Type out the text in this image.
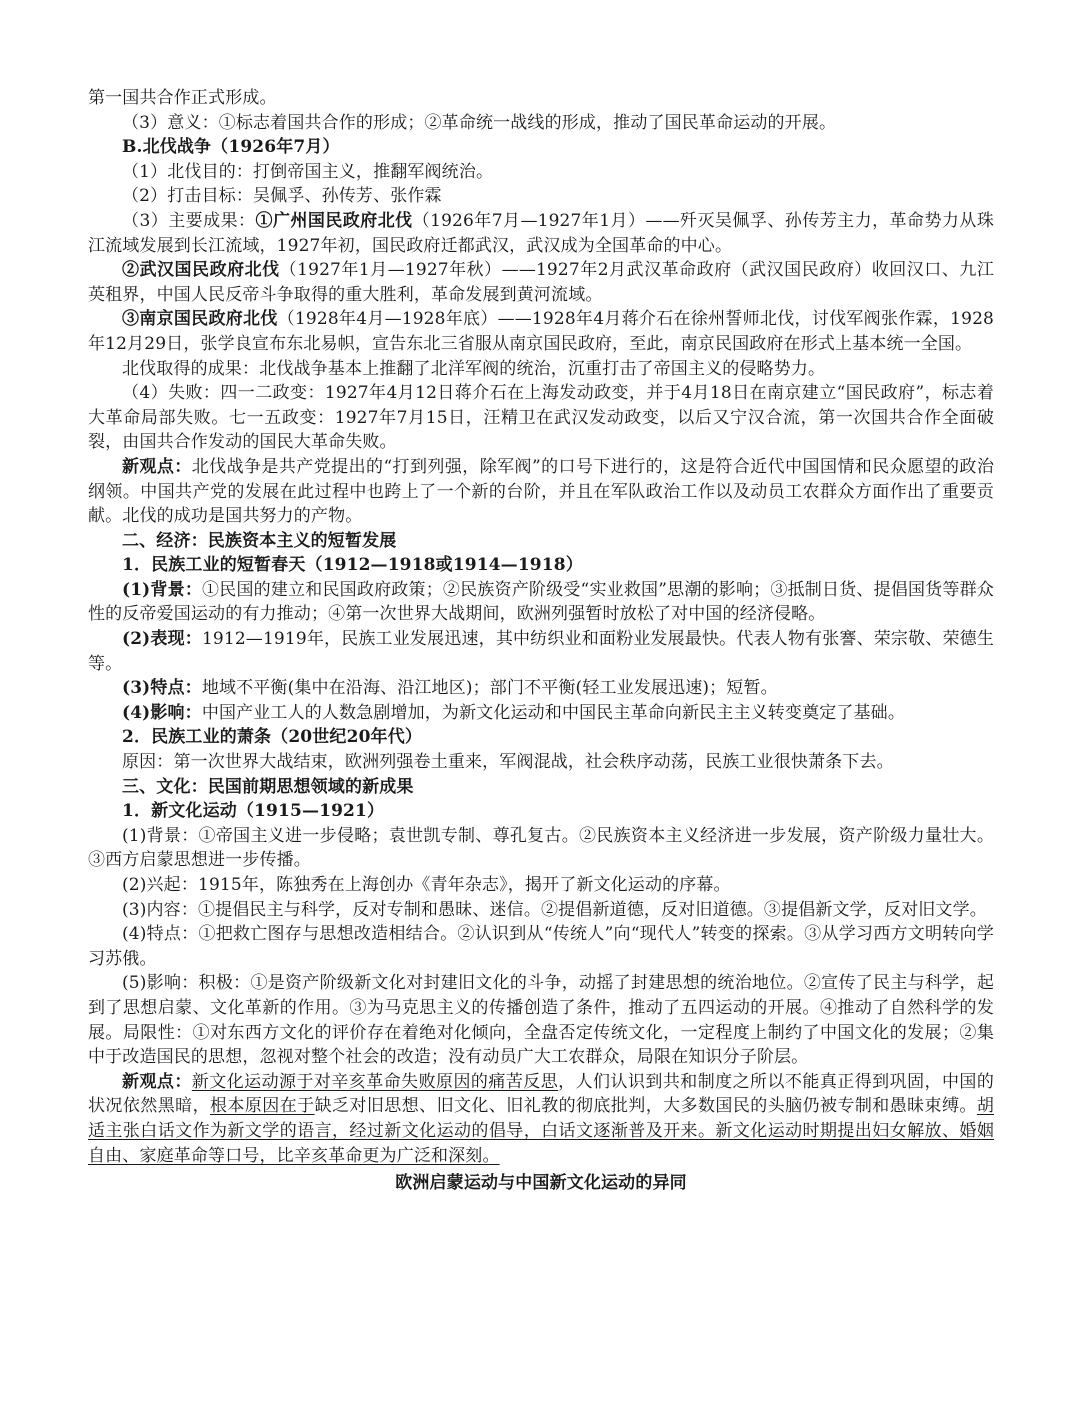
第一国共合作正式形成。

（3）意义：①标志着国共合作的形成；②革命统一战线的形成，推动了国民革命运动的开展。

B.北伐战争（1926年7月）

（1）北伐目的：打倒帝国主义，推翻军阀统治。

（2）打击目标：吴佩孚、孙传芳、张作霖

（3）主要成果：①广州国民政府北伐（1926年7月—1927年1月）——歼灭吴佩孚、孙传芳主力，革命势力从珠江流域发展到长江流域，1927年初，国民政府迁都武汉，武汉成为全国革命的中心。

②武汉国民政府北伐（1927年1月—1927年秋）——1927年2月武汉革命政府（武汉国民政府）收回汉口、九江英租界，中国人民反帝斗争取得的重大胜利，革命发展到黄河流域。

③南京国民政府北伐（1928年4月—1928年底）——1928年4月蒋介石在徐州誓师北伐，讨伐军阀张作霖，1928年12月29日，张学良宣布东北易帜，宣告东北三省服从南京国民政府，至此，南京民国政府在形式上基本统一全国。

北伐取得的成果：北伐战争基本上推翻了北洋军阀的统治，沉重打击了帝国主义的侵略势力。

（4）失败：四一二政变：1927年4月12日蒋介石在上海发动政变，并于4月18日在南京建立“国民政府”，标志着大革命局部失败。七一五政变：1927年7月15日，汪精卫在武汉发动政变，以后又宁汉合流，第一次国共合作全面破裂，由国共合作发动的国民大革命失败。

新观点：北伐战争是共产党提出的“打到列强，除军阀”的口号下进行的，这是符合近代中国国情和民众愿望的政治纲领。中国共产党的发展在此过程中也跨上了一个新的台阶，并且在军队政治工作以及动员工农群众方面作出了重要贡献。北伐的成功是国共努力的产物。

二、经济：民族资本主义的短暂发展

1．民族工业的短暂春天（1912—1918或1914—1918）

(1)背景：①民国的建立和民国政府政策；②民族资产阶级受“实业救国”思潮的影响；③抵制日货、提倡国货等群众性的反帝爱国运动的有力推动；④第一次世界大战期间，欧洲列强暂时放松了对中国的经济侵略。

(2)表现：1912—1919年，民族工业发展迅速，其中纺织业和面粉业发展最快。代表人物有张謇、荣宗敬、荣德生等。

(3)特点：地域不平衡(集中在沿海、沿江地区)；部门不平衡(轻工业发展迅速)；短暂。

(4)影响：中国产业工人的人数急剧增加，为新文化运动和中国民主革命向新民主主义转变奠定了基础。

2．民族工业的萧条（20世纪20年代）

原因：第一次世界大战结束，欧洲列强卷土重来，军阀混战，社会秩序动荡，民族工业很快萧条下去。

三、文化：民国前期思想领域的新成果

1．新文化运动（1915—1921）

(1)背景：①帝国主义进一步侵略；袁世凯专制、尊孔复古。②民族资本主义经济进一步发展，资产阶级力量壮大。③西方启蒙思想进一步传播。

(2)兴起：1915年，陈独秀在上海创办《青年杂志》，揭开了新文化运动的序幕。

(3)内容：①提倡民主与科学，反对专制和愚昧、迷信。②提倡新道德，反对旧道德。③提倡新文学，反对旧文学。

(4)特点：①把救亡图存与思想改造相结合。②认识到从“传统人”向“现代人”转变的探索。③从学习西方文明转向学习苏俄。

(5)影响：积极：①是资产阶级新文化对封建旧文化的斗争，动摇了封建思想的统治地位。②宣传了民主与科学，起到了思想启蒙、文化革新的作用。③为马克思主义的传播创造了条件，推动了五四运动的开展。④推动了自然科学的发展。局限性：①对东西方文化的评价存在着绝对化倾向，全盘否定传统文化，一定程度上制约了中国文化的发展；②集中于改造国民的思想，忽视对整个社会的改造；没有动员广大工农群众，局限在知识分子阶层。

新观点：新文化运动源于对辛亥革命失败原因的痛苦反思，人们认识到共和制度之所以不能真正得到巩固，中国的状况依然黑暗，根本原因在于缺乏对旧思想、旧文化、旧礼教的彻底批判，大多数国民的头脑仍被专制和愚昧束缚。胡适主张白话文作为新文学的语言，经过新文化运动的倡导，白话文逐渐普及开来。新文化运动时期提出妇女解放、婚姻自由、家庭革命等口号，比辛亥革命更为广泛和深刻。

欧洲启蒙运动与中国新文化运动的异同
